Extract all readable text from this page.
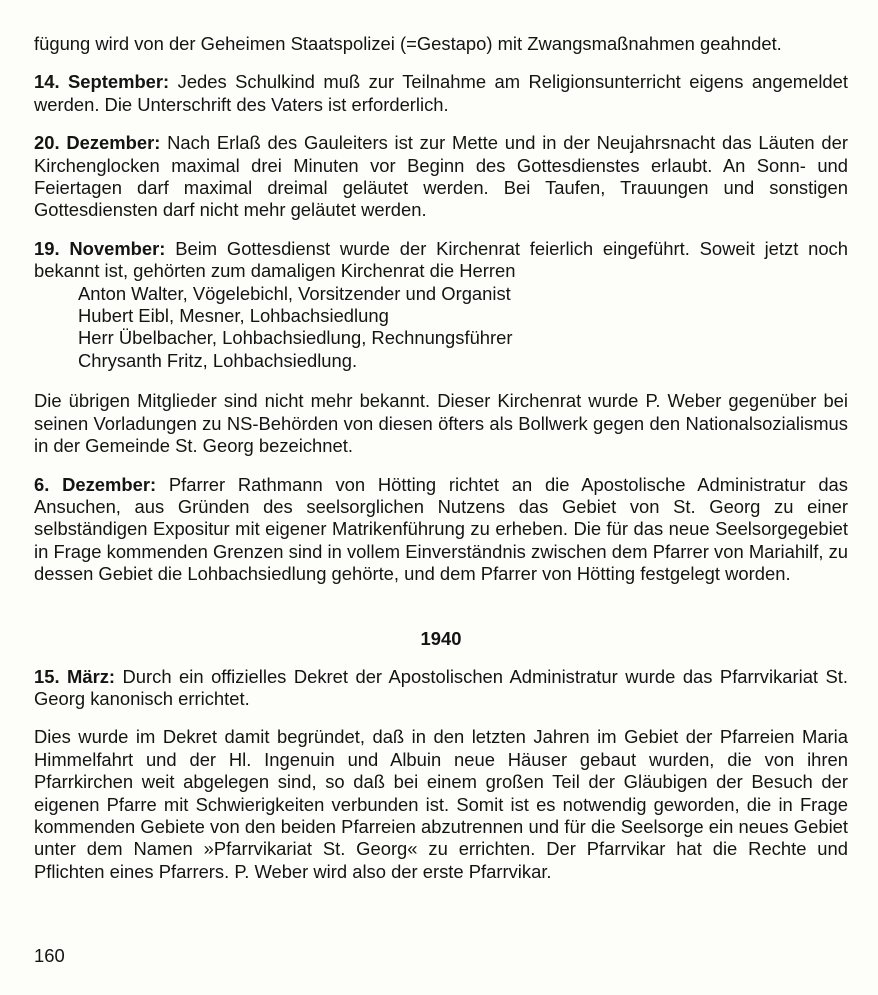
fügung wird von der Geheimen Staatspolizei (=Gestapo) mit Zwangsmaßnahmen geahndet.

14. September: Jedes Schulkind muß zur Teilnahme am Religionsunterricht eigens angemeldet werden. Die Unterschrift des Vaters ist erforderlich.

20. Dezember: Nach Erlaß des Gauleiters ist zur Mette und in der Neujahrsnacht das Läuten der Kirchenglocken maximal drei Minuten vor Beginn des Gottesdienstes erlaubt. An Sonn- und Feiertagen darf maximal dreimal geläutet werden. Bei Taufen, Trauungen und sonstigen Gottesdiensten darf nicht mehr geläutet werden.

19. November: Beim Gottesdienst wurde der Kirchenrat feierlich eingeführt. Soweit jetzt noch bekannt ist, gehörten zum damaligen Kirchenrat die Herren

Anton Walter, Vögelebichl, Vorsitzender und Organist
Hubert Eibl, Mesner, Lohbachsiedlung
Herr Übelbacher, Lohbachsiedlung, Rechnungsführer
Chrysanth Fritz, Lohbachsiedlung.

Die übrigen Mitglieder sind nicht mehr bekannt. Dieser Kirchenrat wurde P. Weber gegenüber bei seinen Vorladungen zu NS-Behörden von diesen öfters als Bollwerk gegen den Nationalsozialismus in der Gemeinde St. Georg bezeichnet.

6. Dezember: Pfarrer Rathmann von Hötting richtet an die Apostolische Administratur das Ansuchen, aus Gründen des seelsorglichen Nutzens das Gebiet von St. Georg zu einer selbständigen Expositur mit eigener Matrikenführung zu erheben. Die für das neue Seelsorgegebiet in Frage kommenden Grenzen sind in vollem Einverständnis zwischen dem Pfarrer von Mariahilf, zu dessen Gebiet die Lohbachsiedlung gehörte, und dem Pfarrer von Hötting festgelegt worden.

1940

15. März: Durch ein offizielles Dekret der Apostolischen Administratur wurde das Pfarrvikariat St. Georg kanonisch errichtet.

Dies wurde im Dekret damit begründet, daß in den letzten Jahren im Gebiet der Pfarreien Maria Himmelfahrt und der Hl. Ingenuin und Albuin neue Häuser gebaut wurden, die von ihren Pfarrkirchen weit abgelegen sind, so daß bei einem großen Teil der Gläubigen der Besuch der eigenen Pfarre mit Schwierigkeiten verbunden ist. Somit ist es notwendig geworden, die in Frage kommenden Gebiete von den beiden Pfarreien abzutrennen und für die Seelsorge ein neues Gebiet unter dem Namen »Pfarrvikariat St. Georg« zu errichten. Der Pfarrvikar hat die Rechte und Pflichten eines Pfarrers. P. Weber wird also der erste Pfarrvikar.

160
